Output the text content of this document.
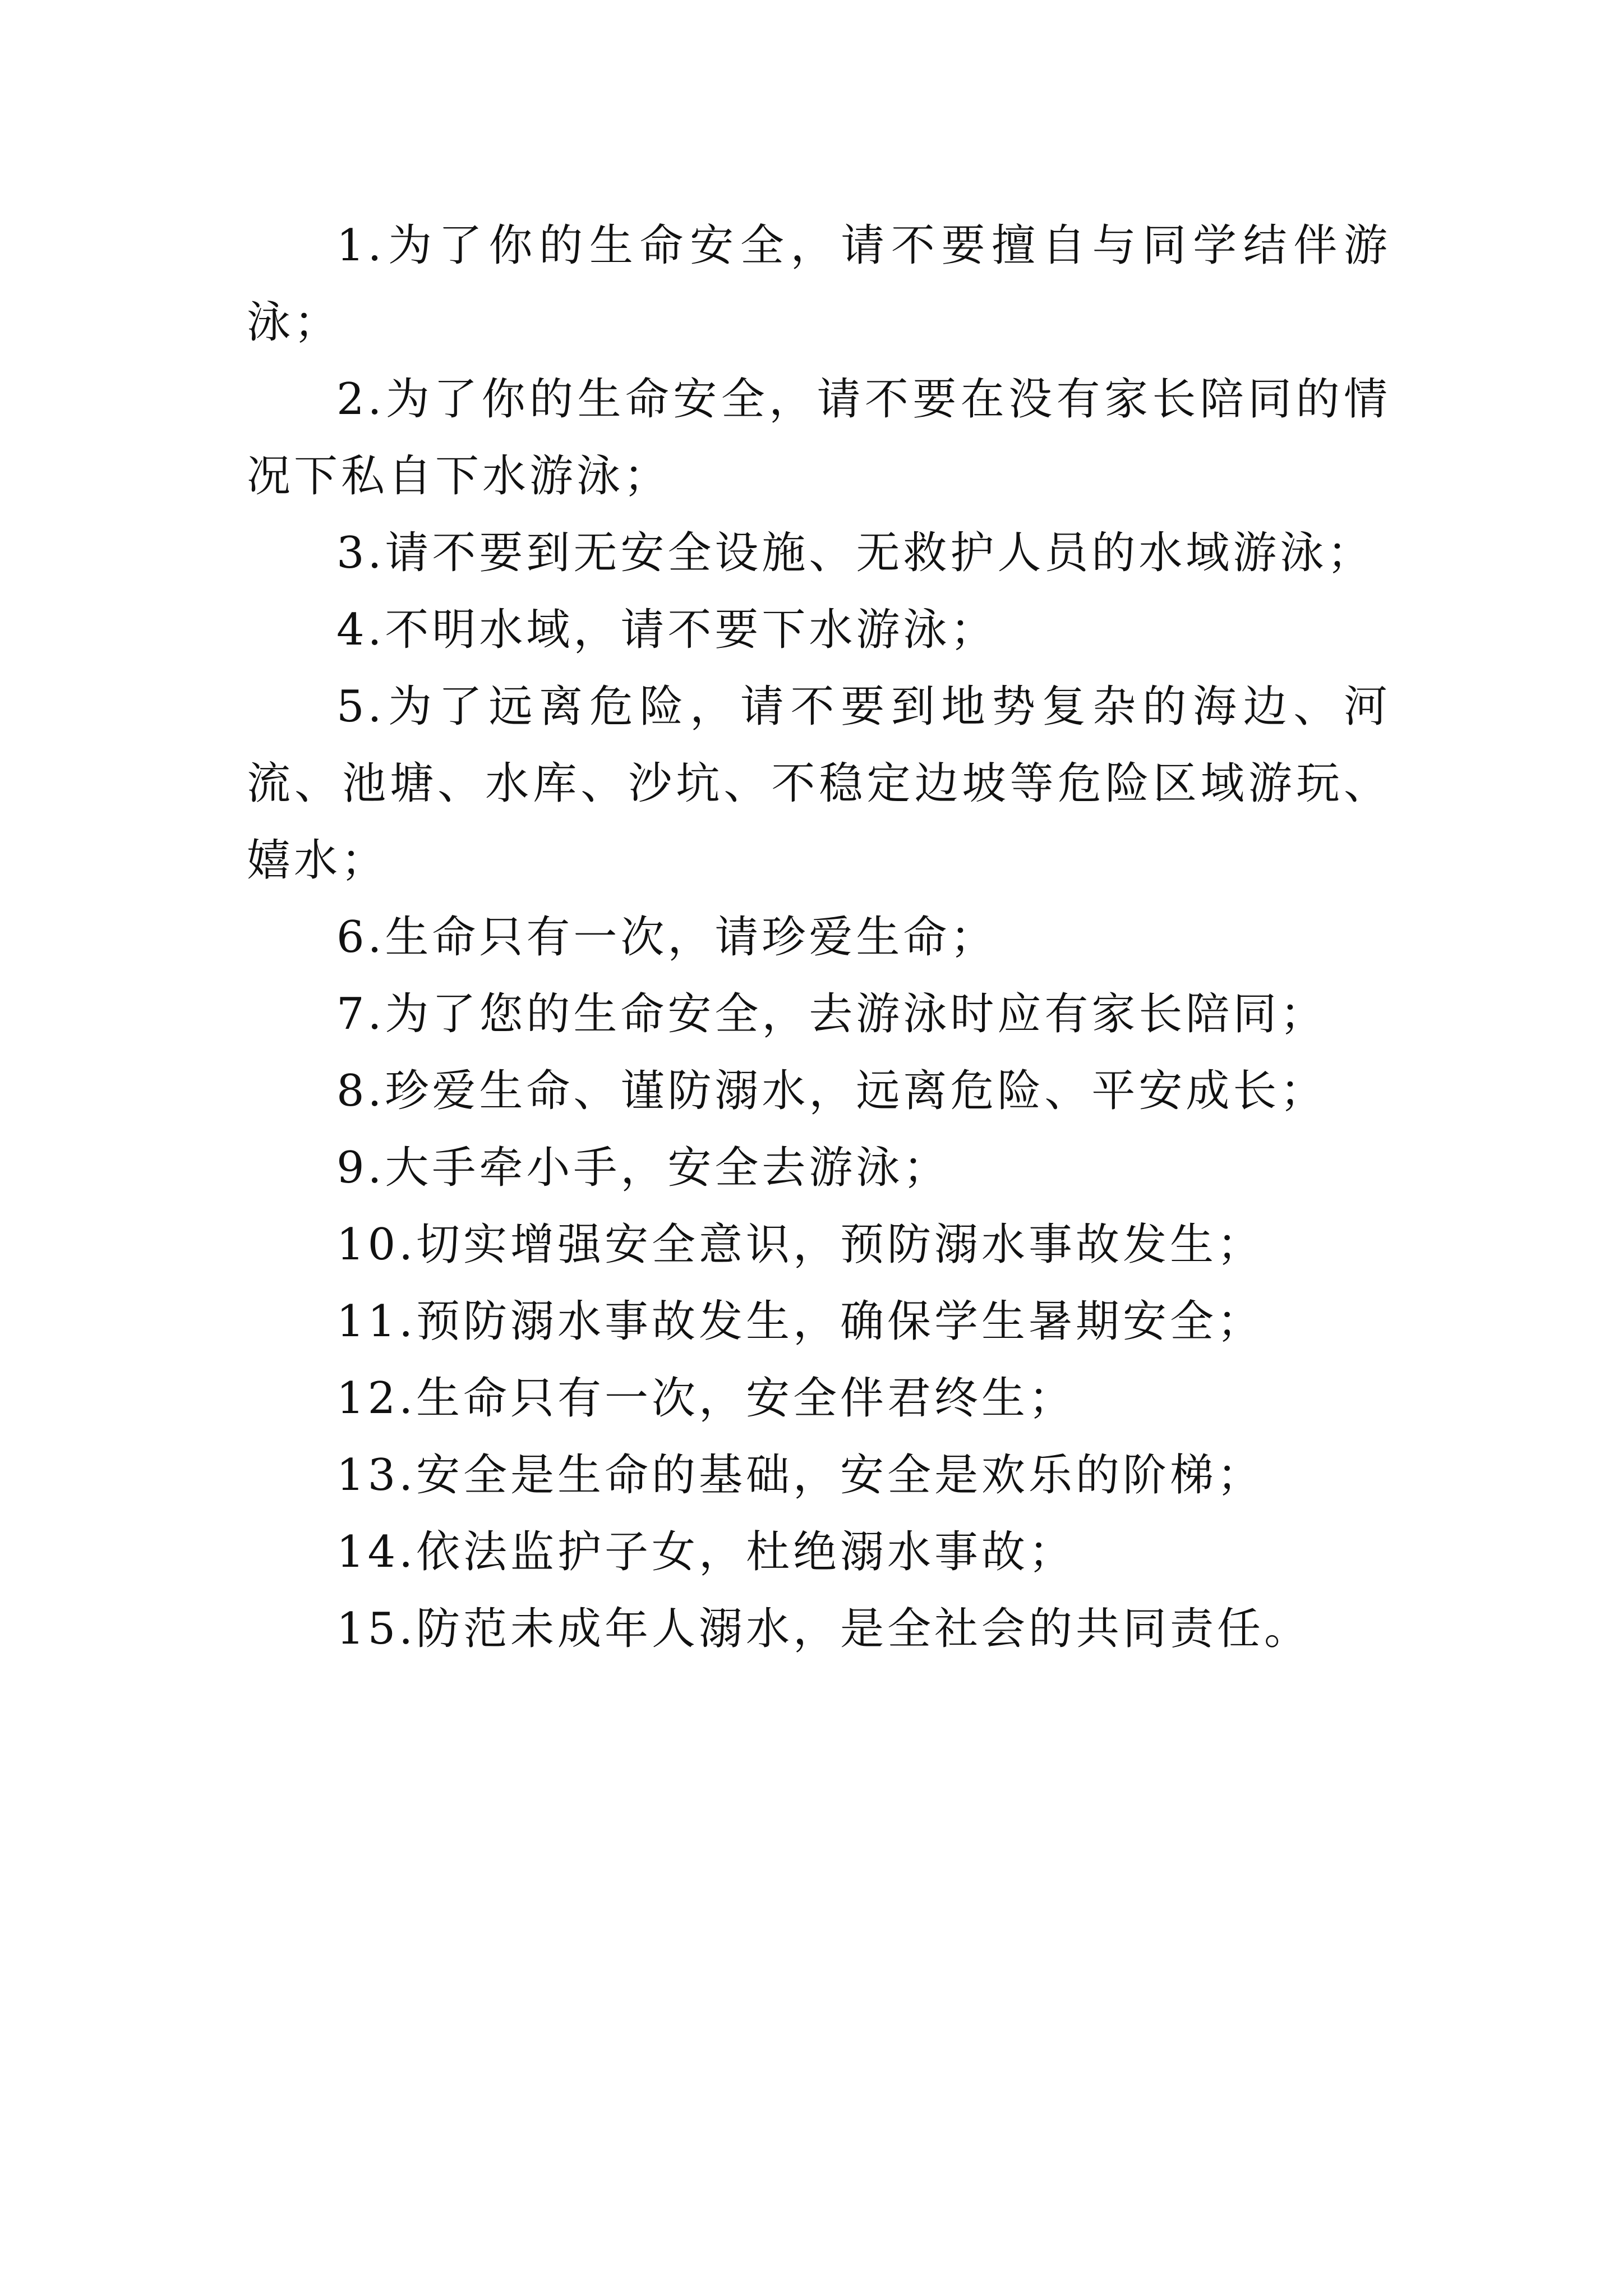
1.为了你的生命安全，请不要擅自与同学结伴游泳；

2.为了你的生命安全，请不要在没有家长陪同的情况下私自下水游泳；

3.请不要到无安全设施、无救护人员的水域游泳；

4.不明水域，请不要下水游泳；

5.为了远离危险，请不要到地势复杂的海边、河流、池塘、水库、沙坑、不稳定边坡等危险区域游玩、嬉水；

6.生命只有一次，请珍爱生命；

7.为了您的生命安全，去游泳时应有家长陪同；

8.珍爱生命、谨防溺水，远离危险、平安成长；

9.大手牵小手，安全去游泳；

10.切实增强安全意识，预防溺水事故发生；

11.预防溺水事故发生，确保学生暑期安全；

12.生命只有一次，安全伴君终生；

13.安全是生命的基础，安全是欢乐的阶梯；

14.依法监护子女，杜绝溺水事故；

15.防范未成年人溺水，是全社会的共同责任。
